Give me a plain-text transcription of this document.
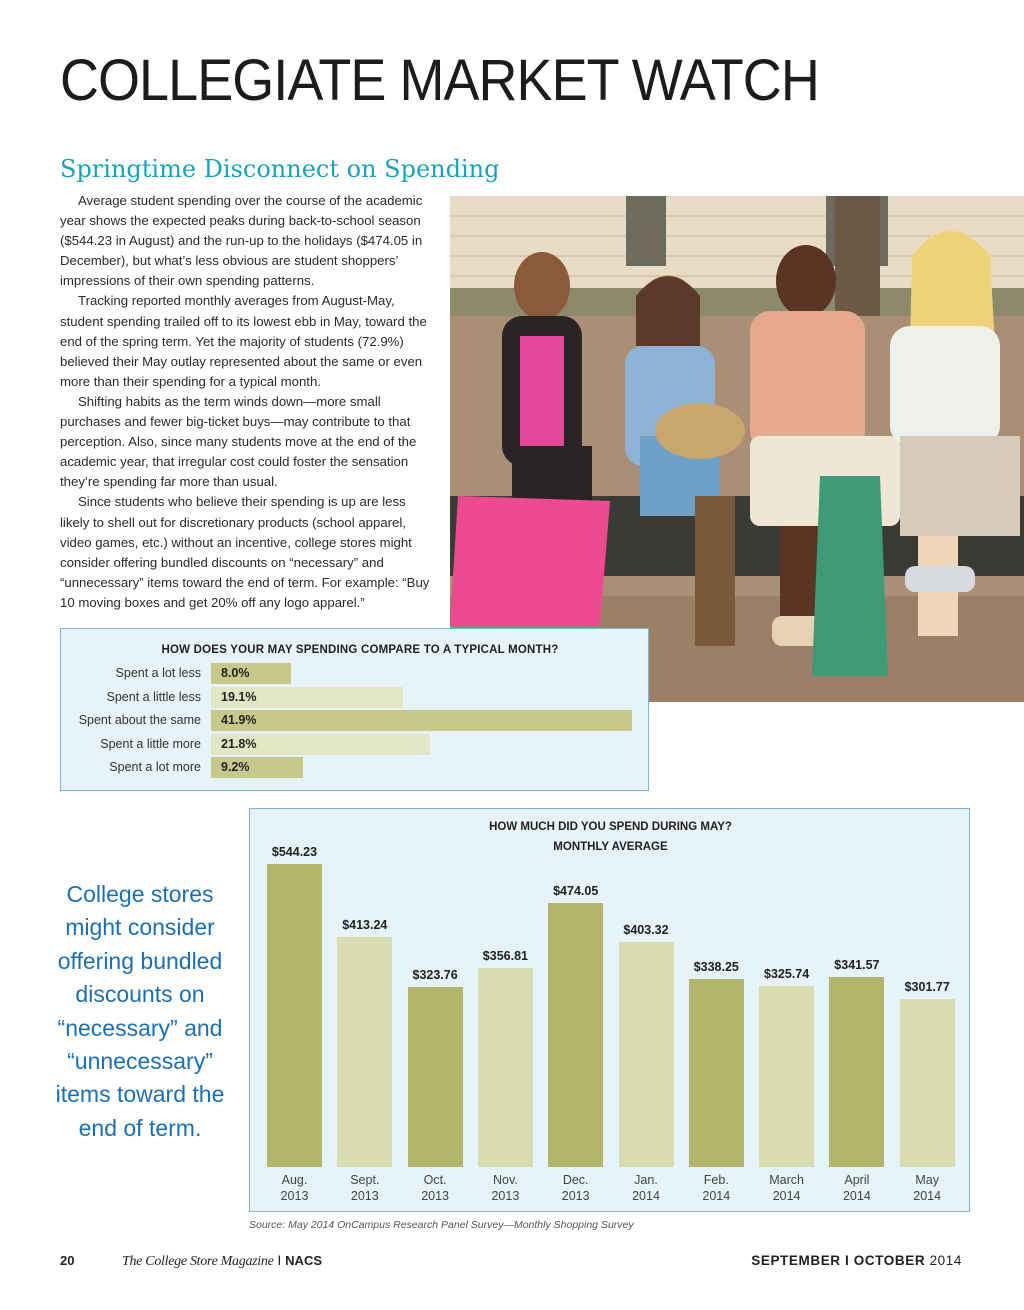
COLLEGIATE MARKET WATCH
Springtime Disconnect on Spending

Average student spending over the course of the academic year shows the expected peaks during back-to-school season ($544.23 in August) and the run-up to the holidays ($474.05 in December), but what’s less obvious are student shoppers’ impressions of their own spending patterns.

Tracking reported monthly averages from August-May, student spending trailed off to its lowest ebb in May, toward the end of the spring term. Yet the majority of students (72.9%) believed their May outlay represented about the same or even more than their spending for a typical month.

Shifting habits as the term winds down—more small purchases and fewer big-ticket buys—may contribute to that perception. Also, since many students move at the end of the academic year, that irregular cost could foster the sensation they’re spending far more than usual.

Since students who believe their spending is up are less likely to shell out for discretionary products (school apparel, video games, etc.) without an incentive, college stores might consider offering bundled discounts on “necessary” and “unnecessary” items toward the end of term. For example: “Buy 10 moving boxes and get 20% off any logo apparel.”

HOW DOES YOUR MAY SPENDING COMPARE TO A TYPICAL MONTH?
Spent a lot less 8.0%
Spent a little less 19.1%
Spent about the same 41.9%
Spent a little more 21.8%
Spent a lot more 9.2%
HOW MUCH DID YOU SPEND DURING MAY?
MONTHLY AVERAGE
$544.23
Aug.
2013
$413.24
Sept.
2013
$323.76
Oct.
2013
$356.81
Nov.
2013
$474.05
Dec.
2013
$403.32
Jan.
2014
$338.25
Feb.
2014
$325.74
March
2014
$341.57
April
2014
$301.77
May
2014
College stores might consider offering bundled discounts on “necessary” and “unnecessary” items toward the end of term.
Source: May 2014 OnCampus Research Panel Survey—Monthly Shopping Survey
20	The College Store Magazine I NACS	SEPTEMBER I OCTOBER 2014
